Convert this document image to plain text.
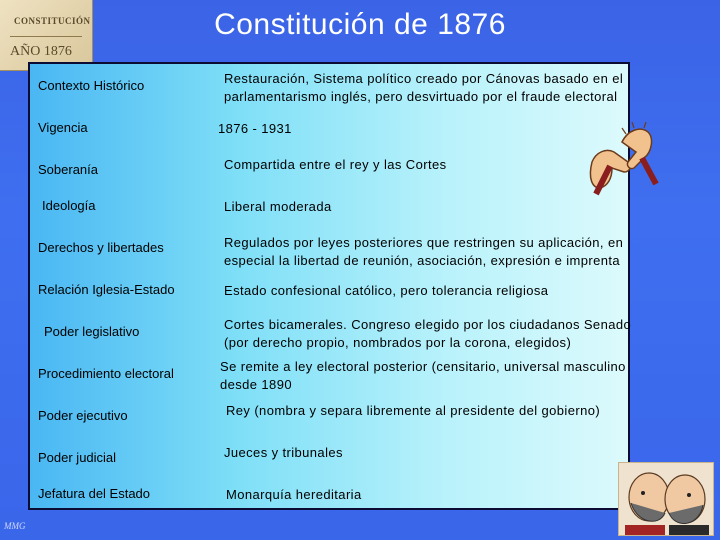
Constitución de 1876
CONSTITUCIÓN
AÑO 1876
Contexto Histórico	Restauración, Sistema político creado por Cánovas basado en el parlamentarismo inglés, pero desvirtuado por el fraude electoral
Vigencia	1876 - 1931
Soberanía	Compartida entre el rey y las Cortes
Ideología	Liberal moderada
Derechos y libertades	Regulados por leyes posteriores que restringen su aplicación, en especial la libertad de reunión, asociación, expresión e imprenta
Relación Iglesia-Estado	Estado confesional católico, pero tolerancia religiosa
Poder legislativo	Cortes bicamerales. Congreso elegido por los ciudadanos Senado (por derecho propio, nombrados por la corona, elegidos)
Procedimiento electoral	Se remite a ley electoral posterior (censitario, universal masculino desde 1890
Poder ejecutivo	Rey (nombra y separa libremente al presidente del gobierno)
Poder judicial	Jueces y tribunales
Jefatura del Estado	Monarquía hereditaria
MMG
